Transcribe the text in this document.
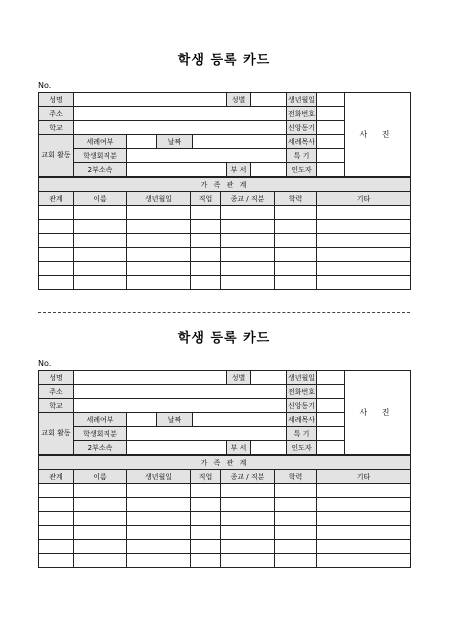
학생 등록 카드
No.
성명					성별		생년월일		사 진
주소							전화번호		
학교							신앙동기		
교회 활동	세례여부		날짜				세례목사		
	학생회직분						특 기		
	2부소속				부 서		인도자		
가 족 관 계						
관계	이름	생년월일	직업	종교 / 직분	학력	기타

학생 등록 카드
No.
성명					성별		생년월일		사 진
주소							전화번호		
학교							신앙동기		
교회 활동	세례여부		날짜				세례목사		
	학생회직분						특 기		
	2부소속				부 서		인도자		
가 족 관 계						
관계	이름	생년월일	직업	종교 / 직분	학력	기타
